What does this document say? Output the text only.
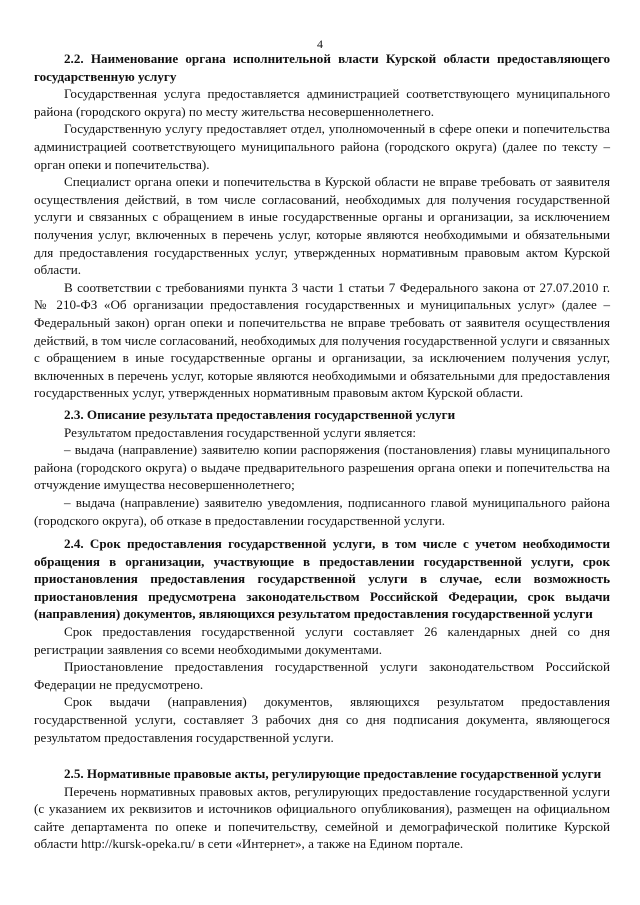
4

2.2. Наименование органа исполнительной власти Курской области предоставляющего государственную услугу

Государственная услуга предоставляется администрацией соответствующего муниципального района (городского округа) по месту жительства несовершеннолетнего.

Государственную услугу предоставляет отдел, уполномоченный в сфере опеки и попечительства администрацией соответствующего муниципального района (городского округа) (далее по тексту – орган опеки и попечительства).

Специалист органа опеки и попечительства в Курской области не вправе требовать от заявителя осуществления действий, в том числе согласований, необходимых для получения государственной услуги и связанных с обращением в иные государственные органы и организации, за исключением получения услуг, включенных в перечень услуг, которые являются необходимыми и обязательными для предоставления государственных услуг, утвержденных нормативным правовым актом Курской области.

В соответствии с требованиями пункта 3 части 1 статьи 7 Федерального закона от 27.07.2010 г. № 210-ФЗ «Об организации предоставления государственных и муниципальных услуг» (далее – Федеральный закон) орган опеки и попечительства не вправе требовать от заявителя осуществления действий, в том числе согласований, необходимых для получения государственной услуги и связанных с обращением в иные государственные органы и организации, за исключением получения услуг, включенных в перечень услуг, которые являются необходимыми и обязательными для предоставления государственных услуг, утвержденных нормативным правовым актом Курской области.

2.3. Описание результата предоставления государственной услуги

Результатом предоставления государственной услуги является:

– выдача (направление) заявителю копии распоряжения (постановления) главы муниципального района (городского округа) о выдаче предварительного разрешения органа опеки и попечительства на отчуждение имущества несовершеннолетнего;

– выдача (направление) заявителю уведомления, подписанного главой муниципального района (городского округа), об отказе в предоставлении государственной услуги.

2.4. Срок предоставления государственной услуги, в том числе с учетом необходимости обращения в организации, участвующие в предоставлении государственной услуги, срок приостановления предоставления государственной услуги в случае, если возможность приостановления предусмотрена законодательством Российской Федерации, срок выдачи (направления) документов, являющихся результатом предоставления государственной услуги

Срок предоставления государственной услуги составляет 26 календарных дней со дня регистрации заявления со всеми необходимыми документами.

Приостановление предоставления государственной услуги законодательством Российской Федерации не предусмотрено.

Срок выдачи (направления) документов, являющихся результатом предоставления государственной услуги, составляет 3 рабочих дня со дня подписания документа, являющегося результатом предоставления государственной услуги.

2.5. Нормативные правовые акты, регулирующие предоставление государственной услуги

Перечень нормативных правовых актов, регулирующих предоставление государственной услуги (с указанием их реквизитов и источников официального опубликования), размещен на официальном сайте департамента по опеке и попечительству, семейной и демографической политике Курской области http://kursk-opeka.ru/ в сети «Интернет», а также на Едином портале.
